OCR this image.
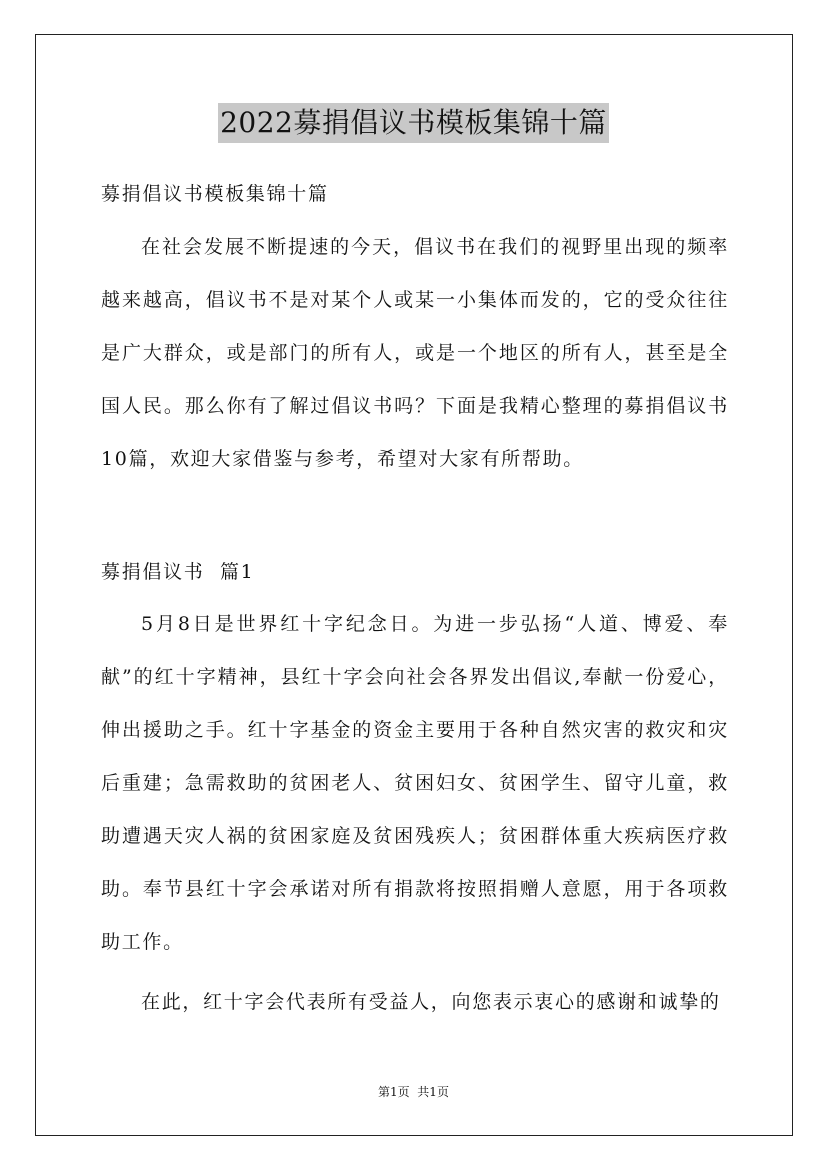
2022募捐倡议书模板集锦十篇

募捐倡议书模板集锦十篇

在社会发展不断提速的今天，倡议书在我们的视野里出现的频率越来越高，倡议书不是对某个人或某一小集体而发的，它的受众往往是广大群众，或是部门的所有人，或是一个地区的所有人，甚至是全国人民。那么你有了解过倡议书吗？下面是我精心整理的募捐倡议书10篇，欢迎大家借鉴与参考，希望对大家有所帮助。

募捐倡议书  篇1

5月8日是世界红十字纪念日。为进一步弘扬“人道、博爱、奉献”的红十字精神，县红十字会向社会各界发出倡议,奉献一份爱心，伸出援助之手。红十字基金的资金主要用于各种自然灾害的救灾和灾后重建；急需救助的贫困老人、贫困妇女、贫困学生、留守儿童，救助遭遇天灾人祸的贫困家庭及贫困残疾人；贫困群体重大疾病医疗救助。奉节县红十字会承诺对所有捐款将按照捐赠人意愿，用于各项救助工作。

在此，红十字会代表所有受益人，向您表示衷心的感谢和诚挚的

第1页  共1页
